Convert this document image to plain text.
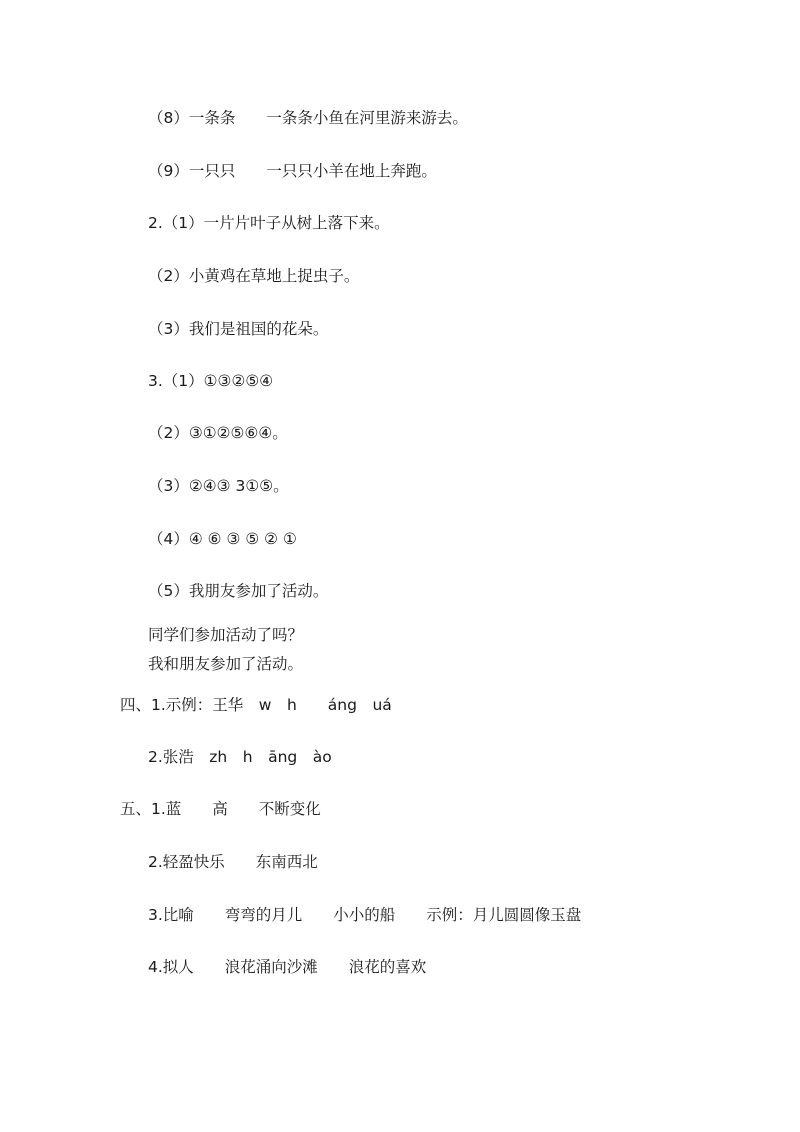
（8）一条条　　一条条小鱼在河里游来游去。

（9）一只只　　一只只小羊在地上奔跑。

2.（1）一片片叶子从树上落下来。

（2）小黄鸡在草地上捉虫子。

（3）我们是祖国的花朵。

3.（1）①③②⑤④

（2）③①②⑤⑥④。

（3）②④③ 3①⑤。

（4）④ ⑥ ③ ⑤ ② ①

（5）我朋友参加了活动。

同学们参加活动了吗？

我和朋友参加了活动。

四、1.示例：王华　w　h　　áng　uá

2.张浩　zh　h　āng　ào

五、1.蓝　　高　　不断变化

2.轻盈快乐　　东南西北

3.比喻　　弯弯的月儿　　小小的船　　示例：月儿圆圆像玉盘

4.拟人　　浪花涌向沙滩　　浪花的喜欢
